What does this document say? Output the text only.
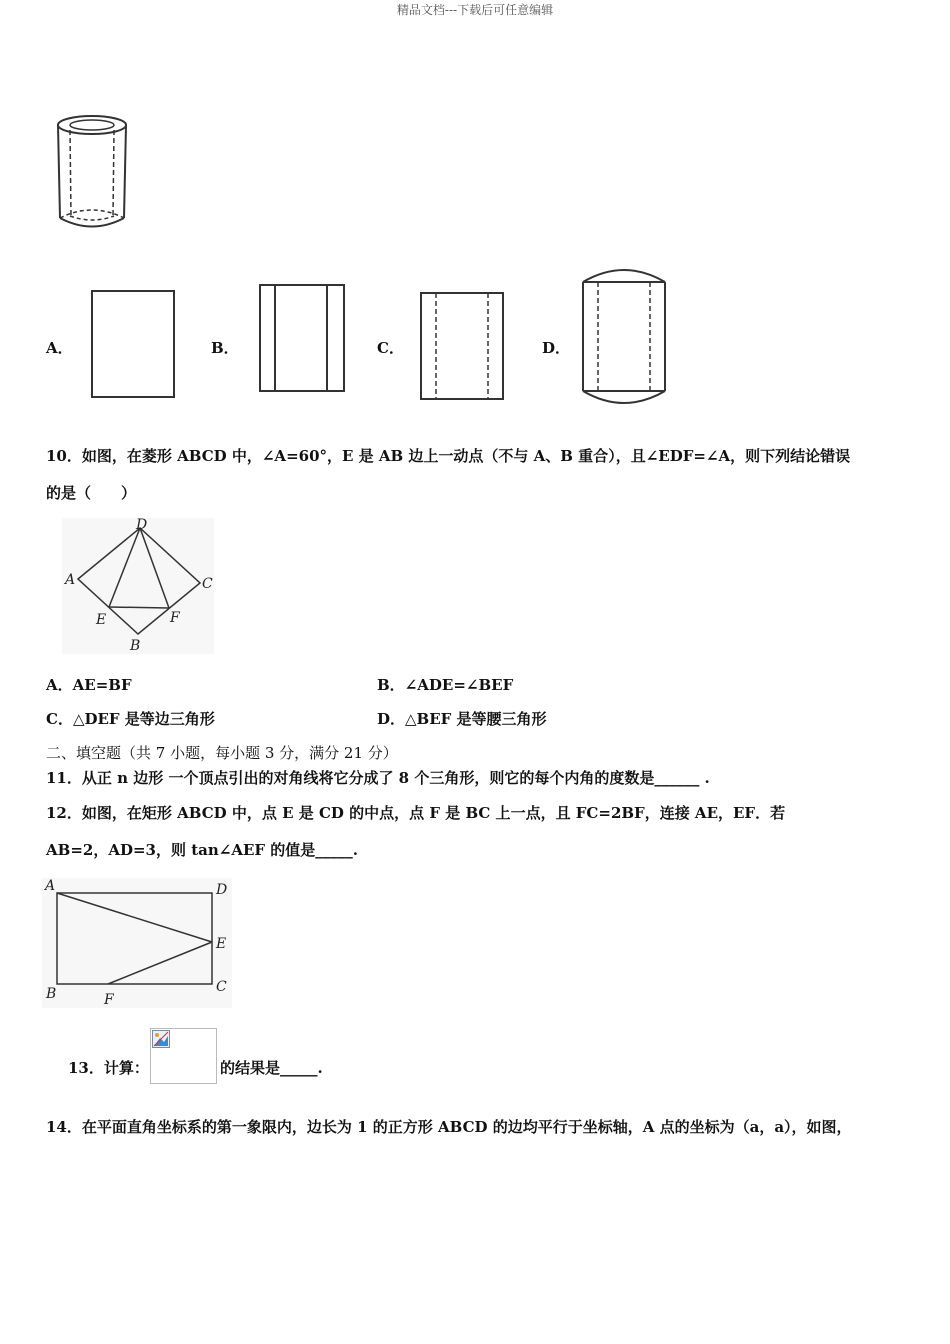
精品文档---下载后可任意编辑
A．	B．	C．	D．
10．如图，在菱形 ABCD 中，∠A=60°，E 是 AB 边上一动点（不与 A、B 重合），且∠EDF=∠A，则下列结论错误
的是（　　）
D
A	C
E	F
B
A．AE=BF	B．∠ADE=∠BEF
C．△DEF 是等边三角形	D．△BEF 是等腰三角形
二、填空题（共 7 小题，每小题 3 分，满分 21 分）
11．从正 n 边形 一个顶点引出的对角线将它分成了 8 个三角形，则它的每个内角的度数是______ .
12．如图，在矩形 ABCD 中，点 E 是 CD 的中点，点 F 是 BC 上一点，且 FC=2BF，连接 AE，EF．若
AB=2，AD=3，则 tan∠AEF 的值是_____.
A	D
E
C
B	F
13．计算：	的结果是_____.
14．在平面直角坐标系的第一象限内，边长为 1 的正方形 ABCD 的边均平行于坐标轴，A 点的坐标为（a，a），如图，
